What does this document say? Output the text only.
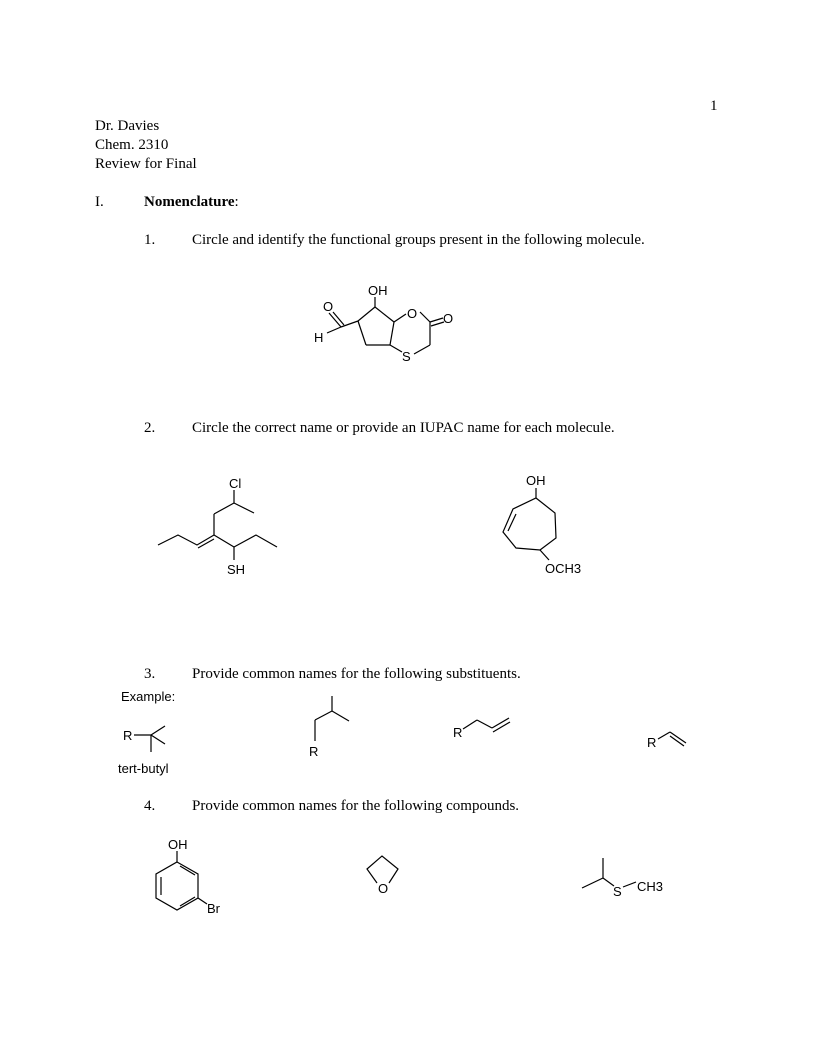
1
Dr. Davies
Chem. 2310
Review for Final
I.	Nomenclature:
1. Circle and identify the functional groups present in the following molecule.
2. Circle the correct name or provide an IUPAC name for each molecule.
3. Provide common names for the following substituents.
4. Provide common names for the following compounds.
Example:
tert-butyl
OH
O O
S
O
H
Cl
SH
OH
OCH3
R
R
R
R
OH
Br
O	S CH3
